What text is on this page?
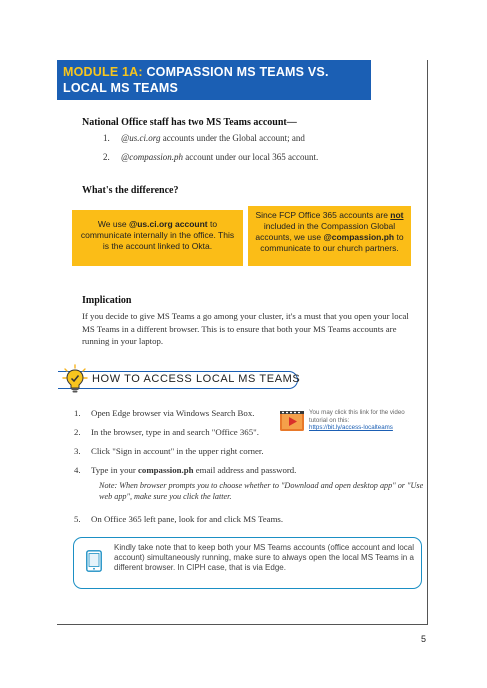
MODULE 1A: COMPASSION MS TEAMS VS.
LOCAL MS TEAMS
National Office staff has two MS Teams account—
1. @us.ci.org accounts under the Global account; and
2. @compassion.ph account under our local 365 account.
What's the difference?
We use @us.ci.org account to communicate internally in the office. This is the account linked to Okta.
Since FCP Office 365 accounts are not included in the Compassion Global accounts, we use @compassion.ph to communicate to our church partners.
Implication
If you decide to give MS Teams a go among your cluster, it's a must that you open your local MS Teams in a different browser. This is to ensure that both your MS Teams accounts are running in your laptop.
HOW TO ACCESS LOCAL MS TEAMS
1. Open Edge browser via Windows Search Box.
2. In the browser, type in and search "Office 365".
3. Click "Sign in account" in the upper right corner.
4. Type in your compassion.ph email address and password.
Note: When browser prompts you to choose whether to "Download and open desktop app" or "Use web app", make sure you click the latter.
5. On Office 365 left pane, look for and click MS Teams.
You may click this link for the video tutorial on this:
https://bit.ly/access-localteams
Kindly take note that to keep both your MS Teams accounts (office account and local account) simultaneously running, make sure to always open the local MS Teams in a different browser. In CIPH case, that is via Edge.
5
